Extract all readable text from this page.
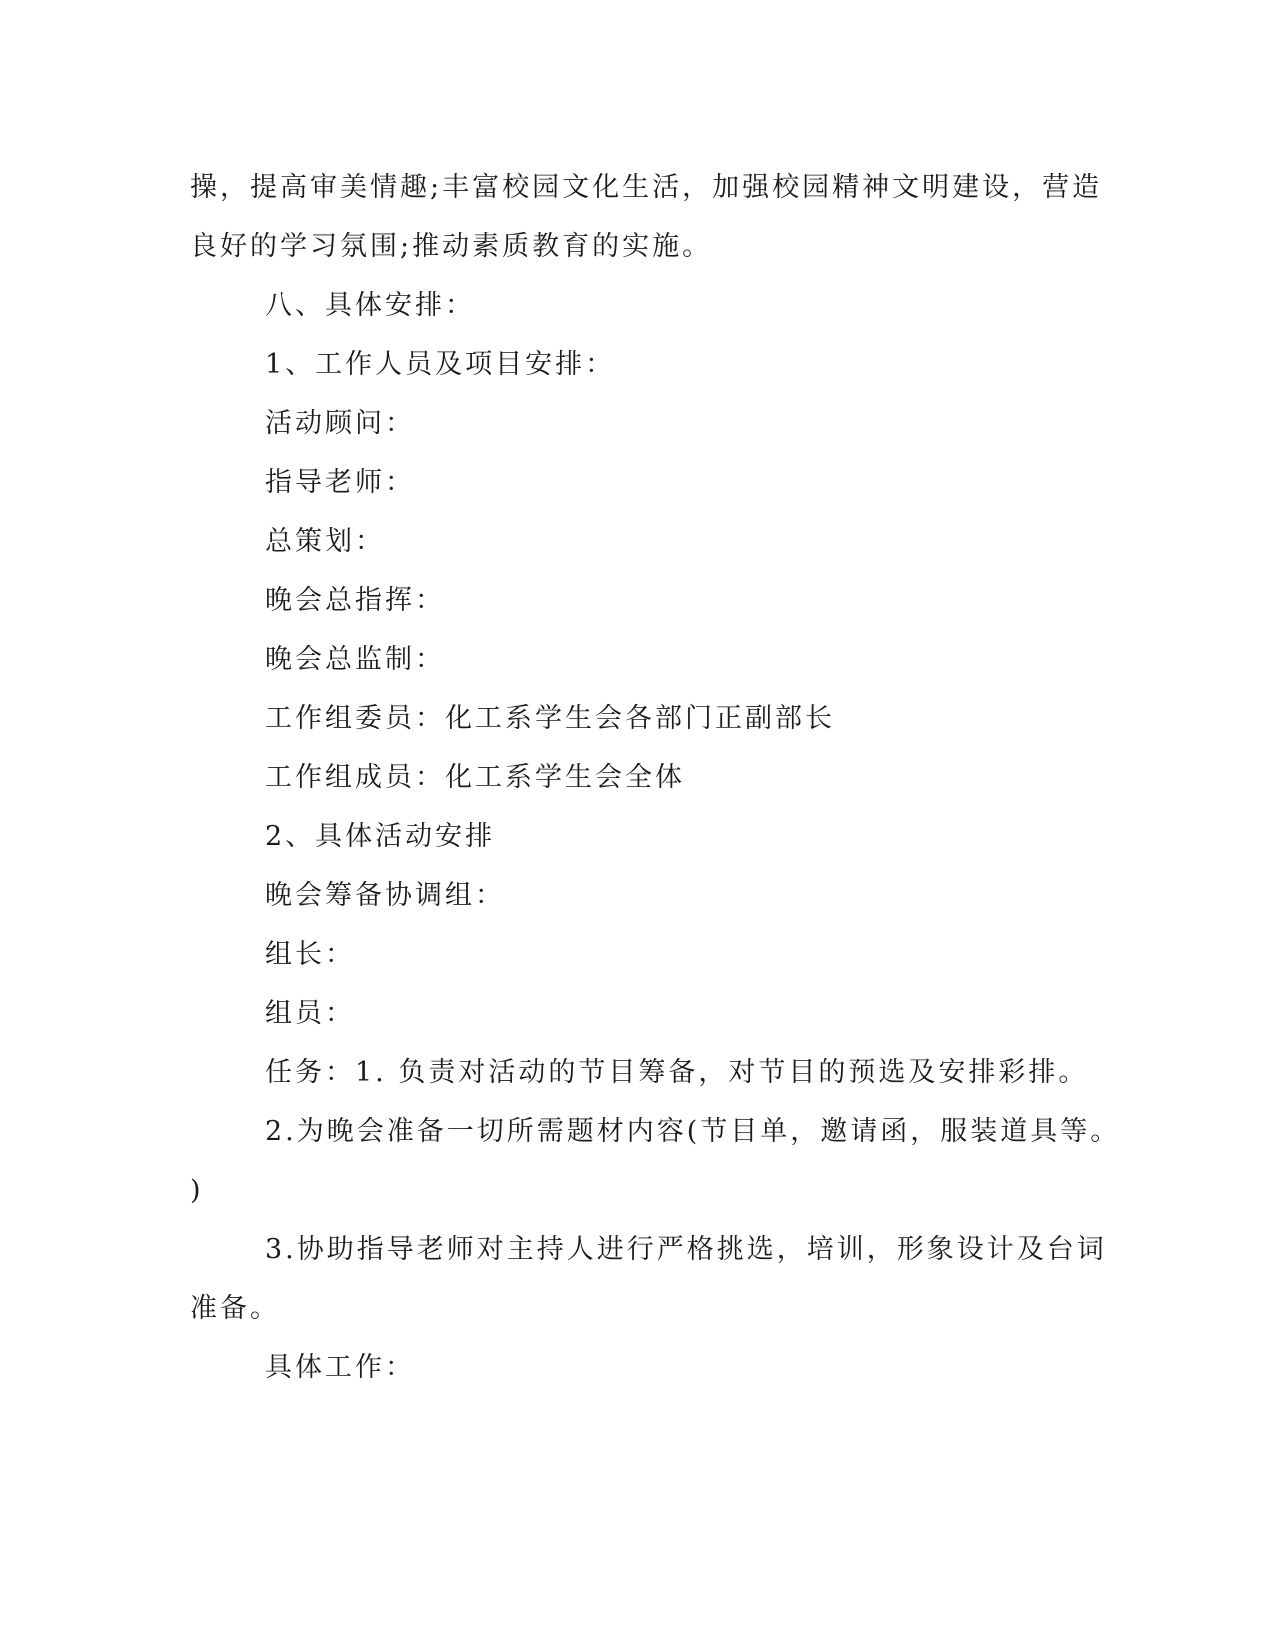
操，提高审美情趣;丰富校园文化生活，加强校园精神文明建设，营造
良好的学习氛围;推动素质教育的实施。
八、具体安排：
1、工作人员及项目安排：
活动顾问：
指导老师：
总策划：
晚会总指挥：
晚会总监制：
工作组委员：化工系学生会各部门正副部长
工作组成员：化工系学生会全体
2、具体活动安排
晚会筹备协调组：
组长：
组员：
任务：1. 负责对活动的节目筹备，对节目的预选及安排彩排。
2.为晚会准备一切所需题材内容(节目单，邀请函，服装道具等。
)
3.协助指导老师对主持人进行严格挑选，培训，形象设计及台词
准备。
具体工作：
